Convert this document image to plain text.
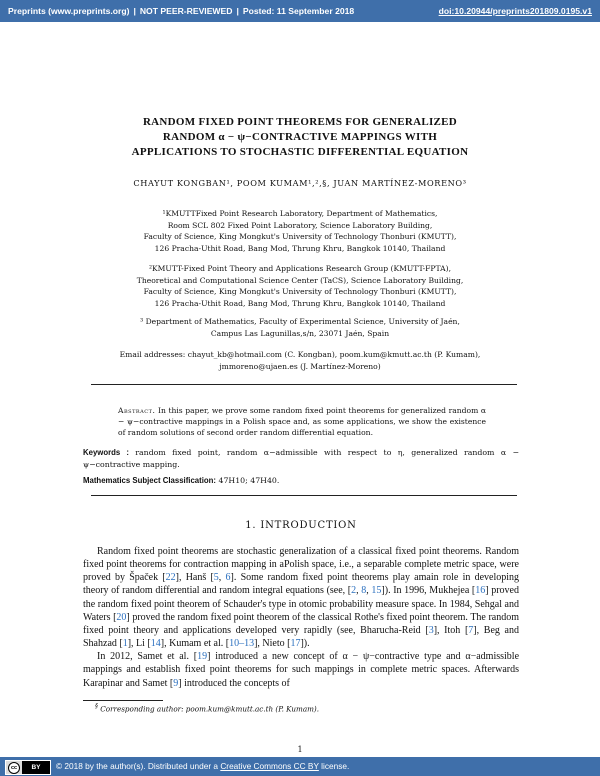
Preprints (www.preprints.org) | NOT PEER-REVIEWED | Posted: 11 September 2018	doi:10.20944/preprints201809.0195.v1
RANDOM FIXED POINT THEOREMS FOR GENERALIZED
RANDOM α − ψ−CONTRACTIVE MAPPINGS WITH
APPLICATIONS TO STOCHASTIC DIFFERENTIAL EQUATION
CHAYUT KONGBAN¹, POOM KUMAM¹,²,§, JUAN MARTÍNEZ-MORENO³
¹KMUTTFixed Point Research Laboratory, Department of Mathematics,
Room SCL 802 Fixed Point Laboratory, Science Laboratory Building,
Faculty of Science, King Mongkut's University of Technology Thonburi (KMUTT),
126 Pracha-Uthit Road, Bang Mod, Thrung Khru, Bangkok 10140, Thailand
²KMUTT-Fixed Point Theory and Applications Research Group (KMUTT-FPTA),
Theoretical and Computational Science Center (TaCS), Science Laboratory Building,
Faculty of Science, King Mongkut's University of Technology Thonburi (KMUTT),
126 Pracha-Uthit Road, Bang Mod, Thrung Khru, Bangkok 10140, Thailand
³ Department of Mathematics, Faculty of Experimental Science, University of Jaén,
Campus Las Lagunillas,s/n, 23071 Jaén, Spain
Email addresses: chayut_kb@hotmail.com (C. Kongban), poom.kum@kmutt.ac.th (P. Kumam),
jmmoreno@ujaen.es (J. Martínez-Moreno)
Abstract. In this paper, we prove some random fixed point theorems for generalized random α − ψ−contractive mappings in a Polish space and, as some applications, we show the existence of random solutions of second order random differential equation.
Keywords : random fixed point, random α−admissible with respect to η, generalized random α − ψ−contractive mapping.
Mathematics Subject Classification: 47H10; 47H40.
1. INTRODUCTION

Random fixed point theorems are stochastic generalization of a classical fixed point theorems. Random fixed point theorems for contraction mapping in aPolish space, i.e., a separable complete metric space, were proved by Špaček [22], Hanš [5, 6]. Some random fixed point theorems play amain role in developing theory of random differential and random integral equations (see, [2, 8, 15]). In 1996, Mukhejea [16] proved the random fixed point theorem of Schauder's type in otomic probability measure space. In 1984, Sehgal and Waters [20] proved the random fixed point theorem of the classical Rothe's fixed point theorem. The random fixed point theory and applications developed very rapidly (see, Bharucha-Reid [3], Itoh [7], Beg and Shahzad [1], Li [14], Kumam et al. [10–13], Nieto [17]).

In 2012, Samet et al. [19] introduced a new concept of α − ψ−contractive type and α−admissible mappings and establish fixed point theorems for such mappings in complete metric spaces. Afterwards Karapinar and Samet [9] introduced the concepts of

§ Corresponding author: poom.kum@kmutt.ac.th (P. Kumam).
1
cc	BY	© 2018 by the author(s). Distributed under a Creative Commons CC BY license.
